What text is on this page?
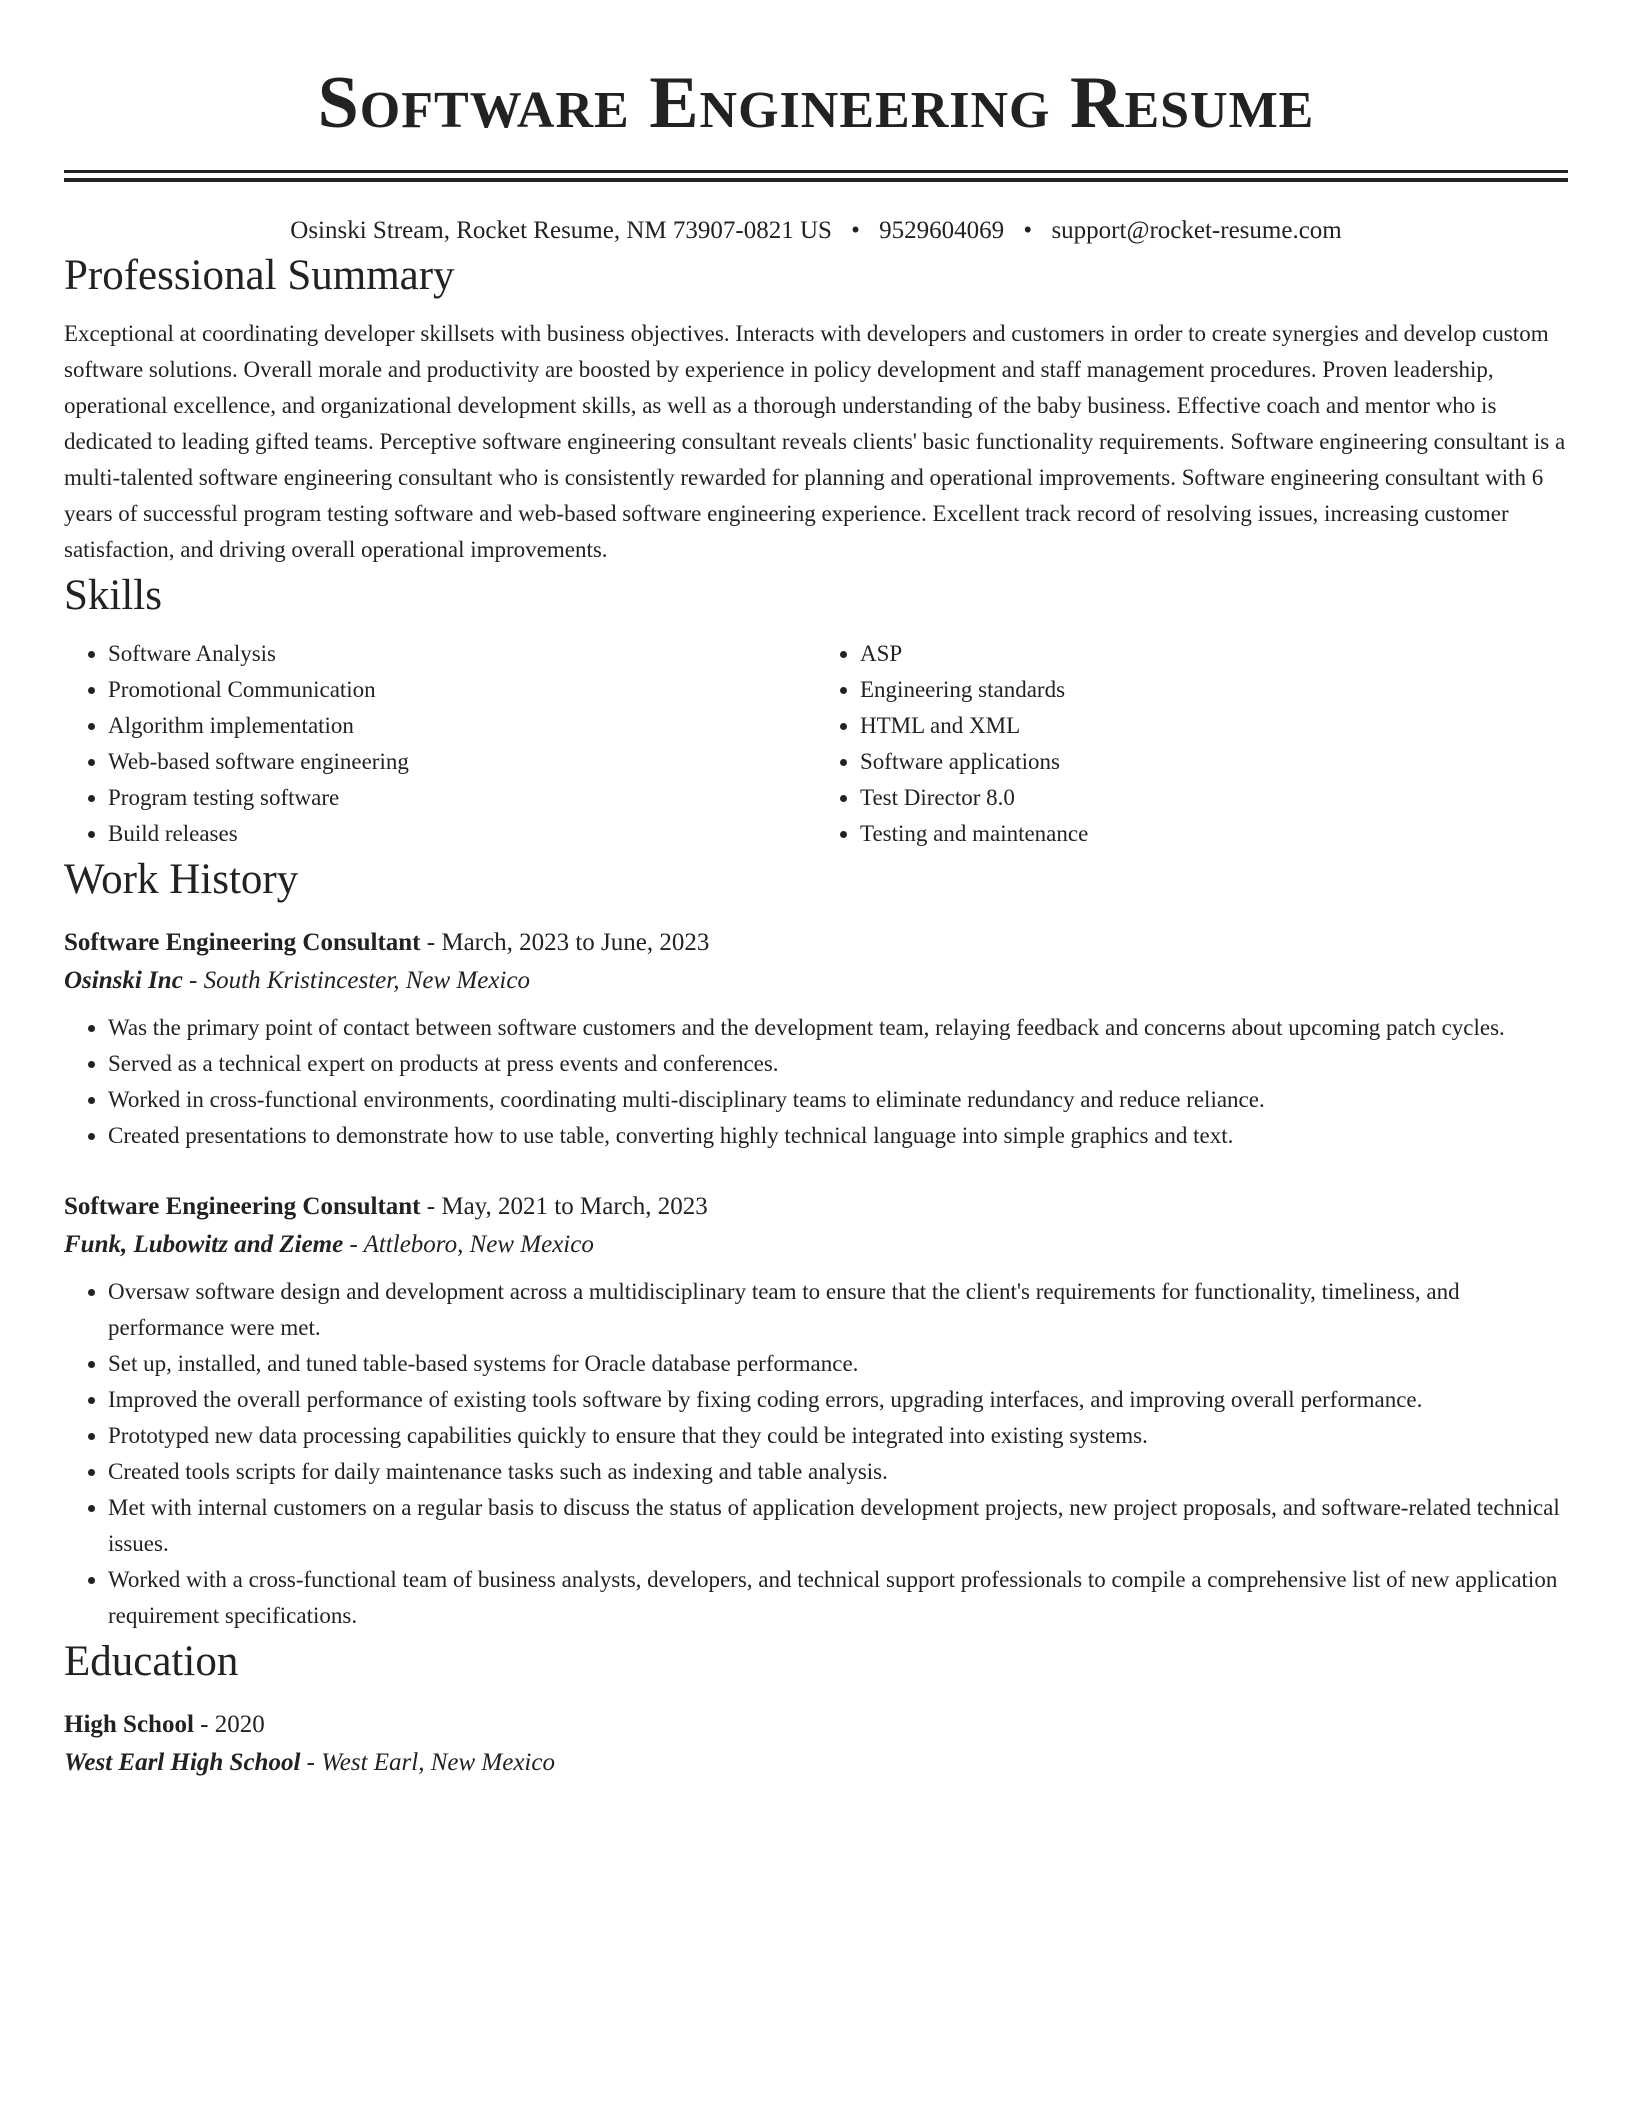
Software Engineering Resume
Osinski Stream, Rocket Resume, NM 73907-0821 US • 9529604069 • support@rocket-resume.com
Professional Summary
Exceptional at coordinating developer skillsets with business objectives. Interacts with developers and customers in order to create synergies and develop custom software solutions. Overall morale and productivity are boosted by experience in policy development and staff management procedures. Proven leadership, operational excellence, and organizational development skills, as well as a thorough understanding of the baby business. Effective coach and mentor who is dedicated to leading gifted teams. Perceptive software engineering consultant reveals clients' basic functionality requirements. Software engineering consultant is a multi-talented software engineering consultant who is consistently rewarded for planning and operational improvements. Software engineering consultant with 6 years of successful program testing software and web-based software engineering experience. Excellent track record of resolving issues, increasing customer satisfaction, and driving overall operational improvements.
Skills
• Software Analysis
• Promotional Communication
• Algorithm implementation
• Web-based software engineering
• Program testing software
• Build releases
• ASP
• Engineering standards
• HTML and XML
• Software applications
• Test Director 8.0
• Testing and maintenance
Work History
Software Engineering Consultant - March, 2023 to June, 2023
Osinski Inc - South Kristincester, New Mexico
• Was the primary point of contact between software customers and the development team, relaying feedback and concerns about upcoming patch cycles.
• Served as a technical expert on products at press events and conferences.
• Worked in cross-functional environments, coordinating multi-disciplinary teams to eliminate redundancy and reduce reliance.
• Created presentations to demonstrate how to use table, converting highly technical language into simple graphics and text.
Software Engineering Consultant - May, 2021 to March, 2023
Funk, Lubowitz and Zieme - Attleboro, New Mexico
• Oversaw software design and development across a multidisciplinary team to ensure that the client's requirements for functionality, timeliness, and performance were met.
• Set up, installed, and tuned table-based systems for Oracle database performance.
• Improved the overall performance of existing tools software by fixing coding errors, upgrading interfaces, and improving overall performance.
• Prototyped new data processing capabilities quickly to ensure that they could be integrated into existing systems.
• Created tools scripts for daily maintenance tasks such as indexing and table analysis.
• Met with internal customers on a regular basis to discuss the status of application development projects, new project proposals, and software-related technical issues.
• Worked with a cross-functional team of business analysts, developers, and technical support professionals to compile a comprehensive list of new application requirement specifications.
Education
High School - 2020
West Earl High School - West Earl, New Mexico
